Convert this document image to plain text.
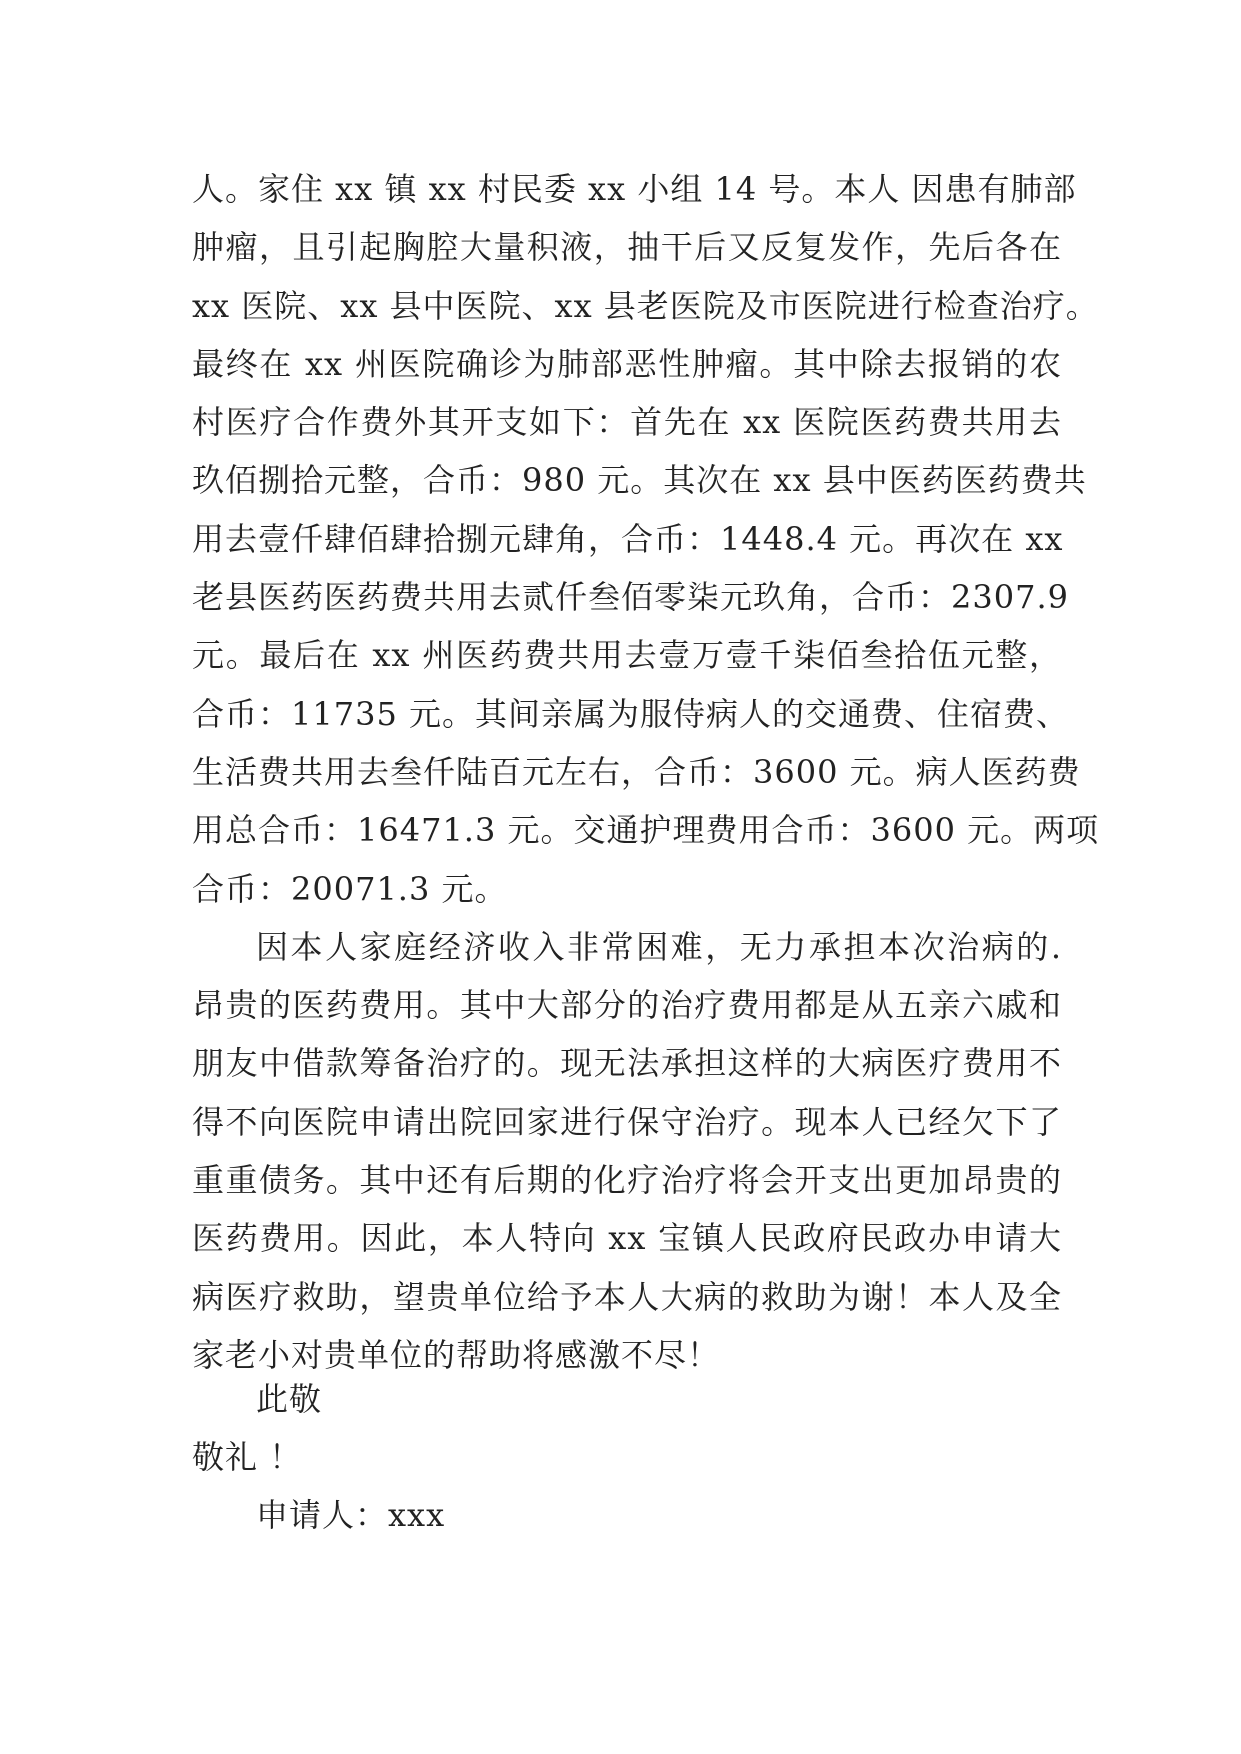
人。家住 xx 镇 xx 村民委 xx 小组 14 号。本人 因患有肺部
肿瘤，且引起胸腔大量积液，抽干后又反复发作，先后各在
xx 医院、xx 县中医院、xx 县老医院及市医院进行检查治疗。
最终在 xx 州医院确诊为肺部恶性肿瘤。其中除去报销的农
村医疗合作费外其开支如下：首先在 xx 医院医药费共用去
玖佰捌拾元整，合币：980 元。其次在 xx 县中医药医药费共
用去壹仟肆佰肆拾捌元肆角，合币：1448.4 元。再次在 xx
老县医药医药费共用去贰仟叁佰零柒元玖角，合币：2307.9
元。最后在 xx 州医药费共用去壹万壹千柒佰叁拾伍元整，
合币：11735 元。其间亲属为服侍病人的交通费、住宿费、
生活费共用去叁仟陆百元左右，合币：3600 元。病人医药费
用总合币：16471.3 元。交通护理费用合币：3600 元。两项
合币：20071.3 元。

因本人家庭经济收入非常困难，无力承担本次治病的.
昂贵的医药费用。其中大部分的治疗费用都是从五亲六戚和
朋友中借款筹备治疗的。现无法承担这样的大病医疗费用不
得不向医院申请出院回家进行保守治疗。现本人已经欠下了
重重债务。其中还有后期的化疗治疗将会开支出更加昂贵的
医药费用。因此，本人特向 xx 宝镇人民政府民政办申请大
病医疗救助，望贵单位给予本人大病的救助为谢！本人及全
家老小对贵单位的帮助将感激不尽！

此敬
敬礼 ！
申请人：xxx
